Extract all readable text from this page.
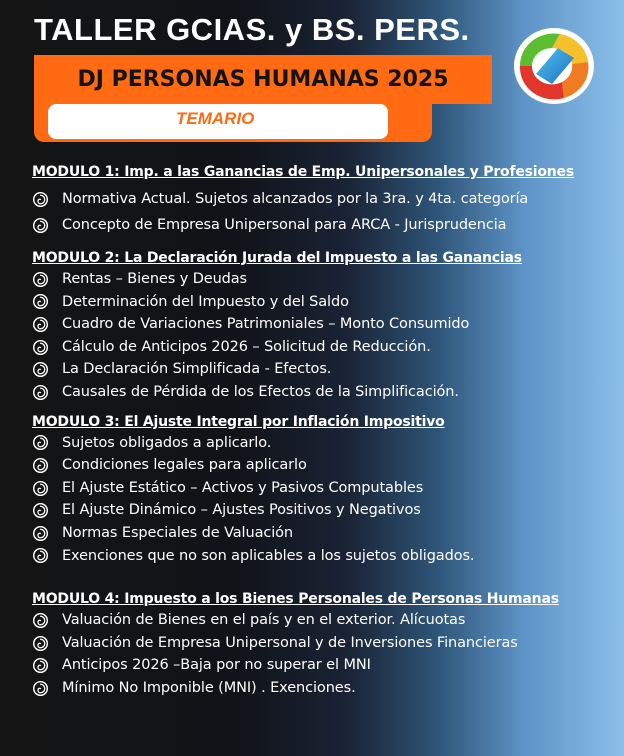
TALLER GCIAS. y BS. PERS.
DJ PERSONAS HUMANAS 2025
TEMARIO
MODULO 1: Imp. a las Ganancias de Emp. Unipersonales y Profesiones
Normativa Actual. Sujetos alcanzados por la 3ra. y 4ta. categoría
Concepto de Empresa Unipersonal para ARCA - Jurisprudencia
MODULO 2: La Declaración Jurada del Impuesto a las Ganancias
Rentas – Bienes y Deudas
Determinación del Impuesto y del Saldo
Cuadro de Variaciones Patrimoniales – Monto Consumido
Cálculo de Anticipos 2026 – Solicitud de Reducción.
La Declaración Simplificada - Efectos.
Causales de Pérdida de los Efectos de la Simplificación.
MODULO 3: El Ajuste Integral por Inflación Impositivo
Sujetos obligados a aplicarlo.
Condiciones legales para aplicarlo
El Ajuste Estático – Activos y Pasivos Computables
El Ajuste Dinámico – Ajustes Positivos y Negativos
Normas Especiales de Valuación
Exenciones que no son aplicables a los sujetos obligados.
MODULO 4: Impuesto a los Bienes Personales de Personas Humanas
Valuación de Bienes en el país y en el exterior. Alícuotas
Valuación de Empresa Unipersonal y de Inversiones Financieras
Anticipos 2026 –Baja por no superar el MNI
Mínimo No Imponible (MNI) . Exenciones.
